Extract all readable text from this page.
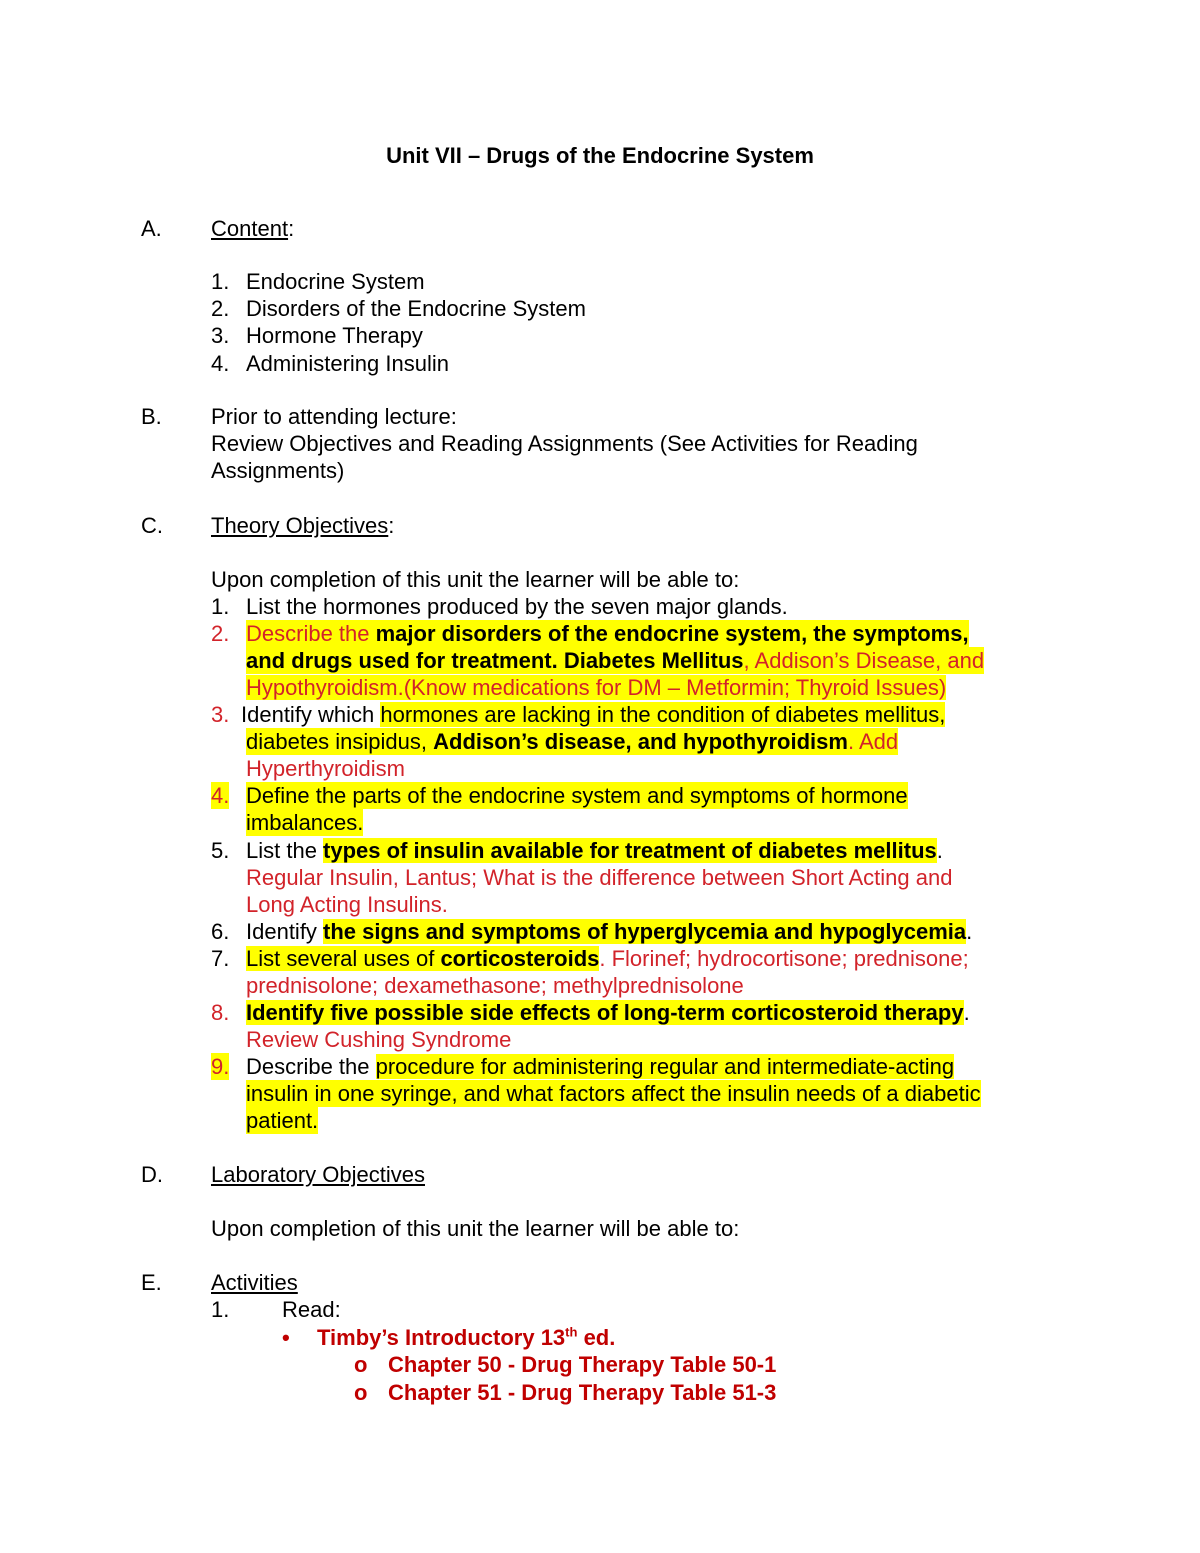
Unit VII – Drugs of the Endocrine System
A. Content:
1. Endocrine System
2. Disorders of the Endocrine System
3. Hormone Therapy
4. Administering Insulin
B. Prior to attending lecture:
Review Objectives and Reading Assignments (See Activities for Reading
Assignments)
C. Theory Objectives:
Upon completion of this unit the learner will be able to:
1. List the hormones produced by the seven major glands.
2. Describe the major disorders of the endocrine system, the symptoms,
and drugs used for treatment. Diabetes Mellitus, Addison’s Disease, and
Hypothyroidism.(Know medications for DM – Metformin; Thyroid Issues)
3. Identify which hormones are lacking in the condition of diabetes mellitus,
diabetes insipidus, Addison’s disease, and hypothyroidism. Add
Hyperthyroidism
4. Define the parts of the endocrine system and symptoms of hormone
imbalances.
5. List the types of insulin available for treatment of diabetes mellitus.
Regular Insulin, Lantus; What is the difference between Short Acting and
Long Acting Insulins.
6. Identify the signs and symptoms of hyperglycemia and hypoglycemia.
7. List several uses of corticosteroids. Florinef; hydrocortisone; prednisone;
prednisolone; dexamethasone; methylprednisolone
8. Identify five possible side effects of long-term corticosteroid therapy.
Review Cushing Syndrome
9. Describe the procedure for administering regular and intermediate-acting
insulin in one syringe, and what factors affect the insulin needs of a diabetic
patient.
D. Laboratory Objectives
Upon completion of this unit the learner will be able to:
E. Activities
1. Read:
• Timby’s Introductory 13th ed.
o Chapter 50 - Drug Therapy Table 50-1
o Chapter 51 - Drug Therapy Table 51-3
